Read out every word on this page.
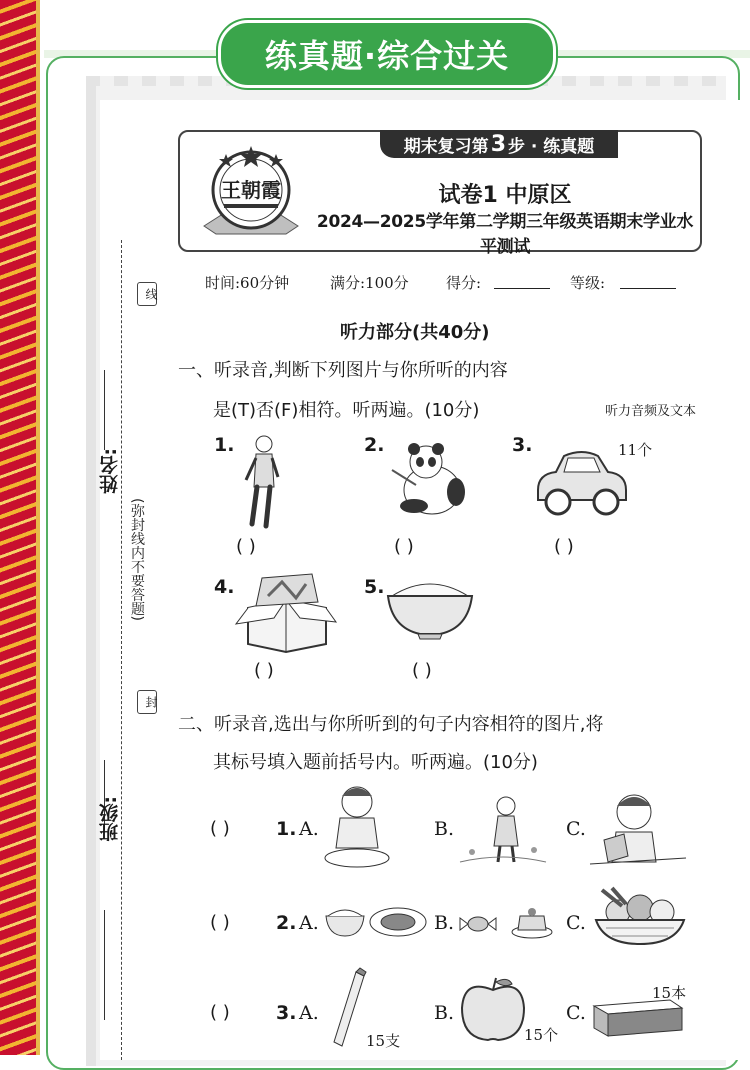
练真题·综合过关
线
封
(弥封线内不要答题)
姓名:
班级:
期末复习第 3 步 · 练真题
王朝霞	试卷1 中原区
2024—2025学年第二学期三年级英语期末学业水平测试
时间:60分钟	满分:100分 得分:	等级:
听力部分(共40分)
一、听录音,判断下列图片与你所听的内容
是(T)否(F)相符。听两遍。(10分)	听力音频及文本
1.
( )
2.
( )
3.	11个
( )
4.
( )
5.
( )
二、听录音,选出与你所听到的句子内容相符的图片,将
其标号填入题前括号内。听两遍。(10分)
( ) 1. A.	B.	C.
( ) 2. A.	B.	C.
( ) 3. A.
15支
B.
15个
C.
15本
